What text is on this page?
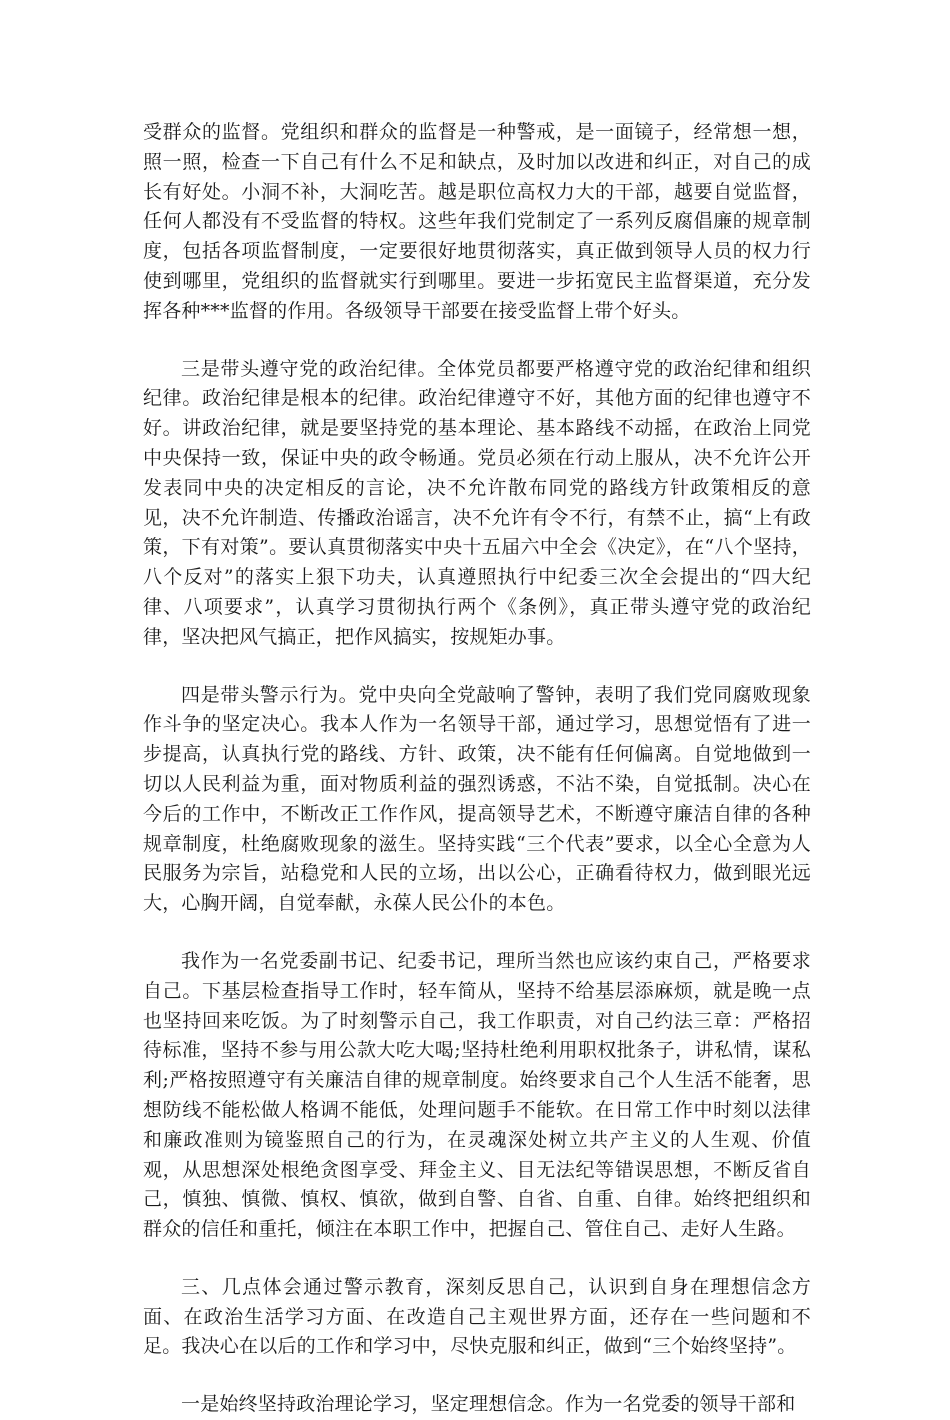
受群众的监督。党组织和群众的监督是一种警戒，是一面镜子，经常想一想，照一照，检查一下自己有什么不足和缺点，及时加以改进和纠正，对自己的成长有好处。小洞不补，大洞吃苦。越是职位高权力大的干部，越要自觉监督，任何人都没有不受监督的特权。这些年我们党制定了一系列反腐倡廉的规章制度，包括各项监督制度，一定要很好地贯彻落实，真正做到领导人员的权力行使到哪里，党组织的监督就实行到哪里。要进一步拓宽民主监督渠道，充分发挥各种***监督的作用。各级领导干部要在接受监督上带个好头。

三是带头遵守党的政治纪律。全体党员都要严格遵守党的政治纪律和组织纪律。政治纪律是根本的纪律。政治纪律遵守不好，其他方面的纪律也遵守不好。讲政治纪律，就是要坚持党的基本理论、基本路线不动摇，在政治上同党中央保持一致，保证中央的政令畅通。党员必须在行动上服从，决不允许公开发表同中央的决定相反的言论，决不允许散布同党的路线方针政策相反的意见，决不允许制造、传播政治谣言，决不允许有令不行，有禁不止，搞“上有政策，下有对策”。要认真贯彻落实中央十五届六中全会《决定》，在“八个坚持，八个反对”的落实上狠下功夫，认真遵照执行中纪委三次全会提出的“四大纪律、八项要求”，认真学习贯彻执行两个《条例》，真正带头遵守党的政治纪律，坚决把风气搞正，把作风搞实，按规矩办事。

四是带头警示行为。党中央向全党敲响了警钟，表明了我们党同腐败现象作斗争的坚定决心。我本人作为一名领导干部，通过学习，思想觉悟有了进一步提高，认真执行党的路线、方针、政策，决不能有任何偏离。自觉地做到一切以人民利益为重，面对物质利益的强烈诱惑，不沾不染，自觉抵制。决心在今后的工作中，不断改正工作作风，提高领导艺术，不断遵守廉洁自律的各种规章制度，杜绝腐败现象的滋生。坚持实践“三个代表”要求，以全心全意为人民服务为宗旨，站稳党和人民的立场，出以公心，正确看待权力，做到眼光远大，心胸开阔，自觉奉献，永葆人民公仆的本色。

我作为一名党委副书记、纪委书记，理所当然也应该约束自己，严格要求自己。下基层检查指导工作时，轻车简从，坚持不给基层添麻烦，就是晚一点也坚持回来吃饭。为了时刻警示自己，我工作职责，对自己约法三章：严格招待标准，坚持不参与用公款大吃大喝;坚持杜绝利用职权批条子，讲私情，谋私利;严格按照遵守有关廉洁自律的规章制度。始终要求自己个人生活不能奢，思想防线不能松做人格调不能低，处理问题手不能软。在日常工作中时刻以法律和廉政准则为镜鉴照自己的行为，在灵魂深处树立共产主义的人生观、价值观，从思想深处根绝贪图享受、拜金主义、目无法纪等错误思想，不断反省自己，慎独、慎微、慎权、慎欲，做到自警、自省、自重、自律。始终把组织和群众的信任和重托，倾注在本职工作中，把握自己、管住自己、走好人生路。

三、几点体会通过警示教育，深刻反思自己，认识到自身在理想信念方面、在政治生活学习方面、在改造自己主观世界方面，还存在一些问题和不足。我决心在以后的工作和学习中，尽快克服和纠正，做到“三个始终坚持”。

一是始终坚持政治理论学习，坚定理想信念。作为一名党委的领导干部和
